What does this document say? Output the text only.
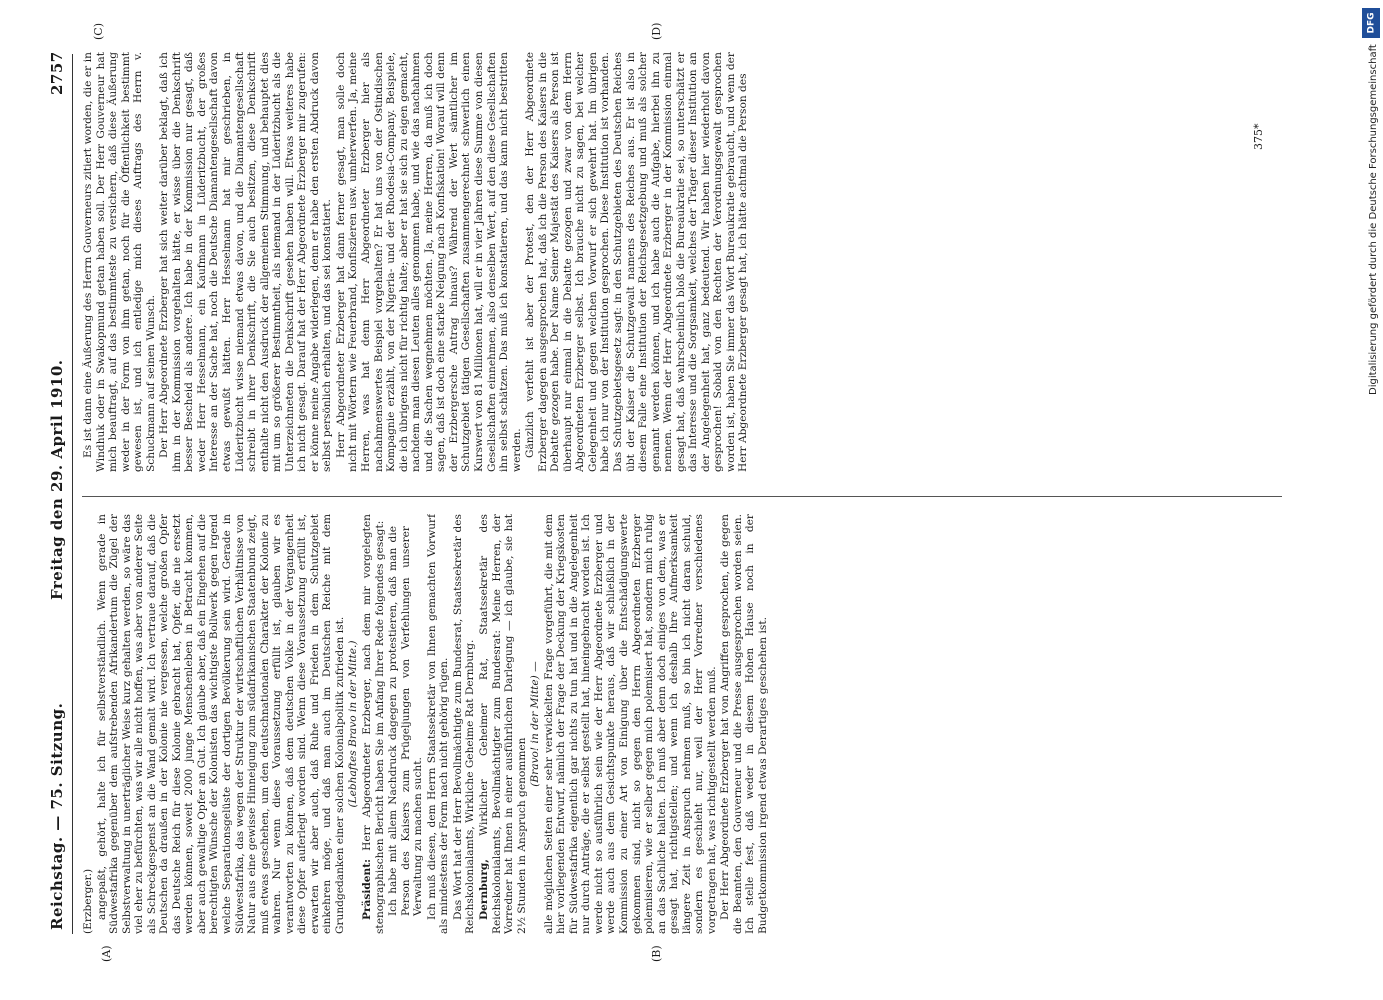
Reichstag. — 75. Sitzung.
Freitag den 29. April 1910.
2757
(A)	(B)
(C)	(D)

(Erzberger.) angepaßt, gehört, halte ich für selbstverständlich. Wenn gerade in Südwestafrika gegenüber dem aufstrebenden Afrikandertum die Zügel der Selbstverwaltung in unerträglicher Weise kurz gehalten werden, so wäre das viel eher zu befürchten, was wir alle nicht hoffen, was aber von anderer Seite als Schreckgespenst an die Wand gemalt wird. Ich vertraue darauf, daß die Deutschen da draußen in der Kolonie nie vergessen, welche großen Opfer das Deutsche Reich für diese Kolonie gebracht hat, Opfer, die nie ersetzt werden können, soweit 2000 junge Menschenleben in Betracht kommen, aber auch gewaltige Opfer an Gut. Ich glaube aber, daß ein Eingehen auf die berechtigten Wünsche der Kolonisten das wichtigste Bollwerk gegen irgend welche Separationsgelüste der dortigen Bevölkerung sein wird. Gerade in Südwestafrika, das wegen der Struktur der wirtschaftlichen Verhältnisse von Natur aus eine gewisse Hinneigung zum südafrikanischen Staatenbund zeigt, muß etwas geschehen, um den deutschnationalen Charakter der Kolonie zu wahren. Nur wenn diese Voraussetzung erfüllt ist, glauben wir es verantworten zu können, daß dem deutschen Volke in der Vergangenheit diese Opfer auferlegt worden sind. Wenn diese Voraussetzung erfüllt ist, erwarten wir aber auch, daß Ruhe und Frieden in dem Schutzgebiet einkehren möge, und daß man auch im Deutschen Reiche mit dem Grundgedanken einer solchen Kolonialpolitik zufrieden ist. (Lebhaftes Bravo in der Mitte.)

Präsident: Herr Abgeordneter Erzberger, nach dem mir vorgelegten stenographischen Bericht haben Sie im Anfang Ihrer Rede folgendes gesagt: Ich habe mit allem Nachdruck dagegen zu protestieren, daß man die Person des Kaisers zum Prügeljungen von Verfehlungen unserer Verwaltung zu machen sucht. Ich muß diesen, dem Herrn Staatssekretär von Ihnen gemachten Vorwurf als mindestens der Form nach nicht gehörig rügen. Das Wort hat der Herr Bevollmächtigte zum Bundesrat, Staatssekretär des Reichskolonialamts, Wirkliche Geheime Rat Dernburg. Dernburg, Wirklicher Geheimer Rat, Staatssekretär des Reichskolonialamts, Bevollmächtigter zum Bundesrat: Meine Herren, der Vorredner hat Ihnen in einer ausführlichen Darlegung — ich glaube, sie hat 2½ Stunden in Anspruch genommen

(Bravo! in der Mitte) — alle möglichen Seiten einer sehr verwickelten Frage vorgeführt, die mit dem hier vorliegenden Entwurf, nämlich der Frage der Deckung der Kriegskosten für Südwestafrika eigentlich gar nichts zu tun hat und in die Angelegenheit nur durch Anträge, die er selbst gestellt hat, hineingebracht worden ist. Ich werde nicht so ausführlich sein wie der Herr Abgeordnete Erzberger und werde auch aus dem Gesichtspunkte heraus, daß wir schließlich in der Kommission zu einer Art von Einigung über die Entschädigungswerte gekommen sind, nicht so gegen den Herrn Abgeordneten Erzberger polemisieren, wie er selber gegen mich polemisiert hat, sondern mich ruhig an das Sachliche halten. Ich muß aber denn doch einiges von dem, was er gesagt hat, richtigstellen; und wenn ich deshalb Ihre Aufmerksamkeit längere Zeit in Anspruch nehmen muß, so bin ich nicht daran schuld, sondern es geschieht nur, weil der Herr Vorredner verschiedenes vorgetragen hat, was richtiggestellt werden muß. Der Herr Abgeordnete Erzberger hat von Angriffen gesprochen, die gegen die Beamten, den Gouverneur und die Presse ausgesprochen worden seien. Ich stelle fest, daß weder in diesem Hohen Hause noch in der Budgetkommission irgend etwas Derartiges geschehen ist.

Es ist dann eine Äußerung des Herrn Gouverneurs zitiert worden, die er in Windhuk oder in Swakopmund getan haben soll. Der Herr Gouverneur hat mich beauftragt, auf das bestimmteste zu versichern, daß diese Äußerung weder in der Form von ihm getan, noch für die Öffentlichkeit bestimmt gewesen ist, und ich entledige mich dieses Auftrags des Herrn v. Schuckmann auf seinen Wunsch. Der Herr Abgeordnete Erzberger hat sich weiter darüber beklagt, daß ich ihm in der Kommission vorgehalten hätte, er wisse über die Denkschrift besser Bescheid als andere. Ich habe in der Kommission nur gesagt, daß weder Herr Hesselmann, ein Kaufmann in Lüderitzbucht, der großes Interesse an der Sache hat, noch die Deutsche Diamantengesellschaft davon etwas gewußt hätten. Herr Hesselmann hat mir geschrieben, in Lüderitzbucht wisse niemand etwas davon, und die Diamantengesellschaft schreibt in ihrer Denkschrift, die Sie auch besitzen, diese Denkschrift enthalte nicht den Ausdruck der allgemeinen Stimmung, und behauptet dies mit um so größerer Bestimmtheit, als niemand in der Lüderitzbucht als die Unterzeichneten die Denkschrift gesehen haben will. Etwas weiteres habe ich nicht gesagt. Darauf hat der Herr Abgeordnete Erzberger mir zugerufen: er könne meine Angabe widerlegen, denn er habe den ersten Abdruck davon selbst persönlich erhalten, und das sei konstatiert. Herr Abgeordneter Erzberger hat dann ferner gesagt, man solle doch nicht mit Wörtern wie Feuerbrand, Konfiszieren usw. umherwerfen. Ja, meine Herren, was hat denn Herr Abgeordneter Erzberger hier als nachahmenswertes Beispiel vorgehalten? Er hat uns von der Ostindischen Kompagnie erzählt, von der Nigeria- und der Rhodesia-Company. Beispiele, die ich übrigens nicht für richtig halte; aber er hat sie sich zu eigen gemacht, nachdem man diesen Leuten alles genommen habe, und wie das nachahmen und die Sachen wegnehmen möchten. Ja, meine Herren, da muß ich doch sagen, daß ist doch eine starke Neigung nach Konfiskation! Worauf will denn der Erzbergersche Antrag hinaus? Während der Wert sämtlicher im Schutzgebiet tätigen Gesellschaften zusammengerechnet schwerlich einen Kurswert von 81 Millionen hat, will er in vier Jahren diese Summe von diesen Gesellschaften einnehmen, also denselben Wert, auf den diese Gesellschaften ihn selbst schätzen. Das muß ich konstatieren, und das kann nicht bestritten werden. Gänzlich verfehlt ist aber der Protest, den der Herr Abgeordnete Erzberger dagegen ausgesprochen hat, daß ich die Person des Kaisers in die Debatte gezogen habe. Der Name Seiner Majestät des Kaisers als Person ist überhaupt nur einmal in die Debatte gezogen und zwar von dem Herrn Abgeordneten Erzberger selbst. Ich brauche nicht zu sagen, bei welcher Gelegenheit und gegen welchen Vorwurf er sich gewehrt hat. Im übrigen habe ich nur von der Institution gesprochen. Diese Institution ist vorhanden. Das Schutzgebietsgesetz sagt: in den Schutzgebieten des Deutschen Reiches übt der Kaiser die Schutzgewalt namens des Reiches aus. Er ist also in diesem Falle eine Institution der Reichsgesetzgebung und muß als solcher genannt werden können, und ich habe auch die Aufgabe, hierbei ihn zu nennen. Wenn der Herr Abgeordnete Erzberger in der Kommission einmal gesagt hat, daß wahrscheinlich bloß die Bureaukratie sei, so unterschätzt er das Interesse und die Sorgsamkeit, welches der Träger dieser Institution an der Angelegenheit hat, ganz bedeutend. Wir haben hier wiederholt davon gesprochen! Sobald von den Rechten der Verordnungsgewalt gesprochen worden ist, haben Sie immer das Wort Bureaukratie gebraucht, und wenn der Herr Abgeordnete Erzberger gesagt hat, ich hätte achtmal die Person des	375*
DFG
Digitalisierung gefördert durch die Deutsche Forschungsgemeinschaft
